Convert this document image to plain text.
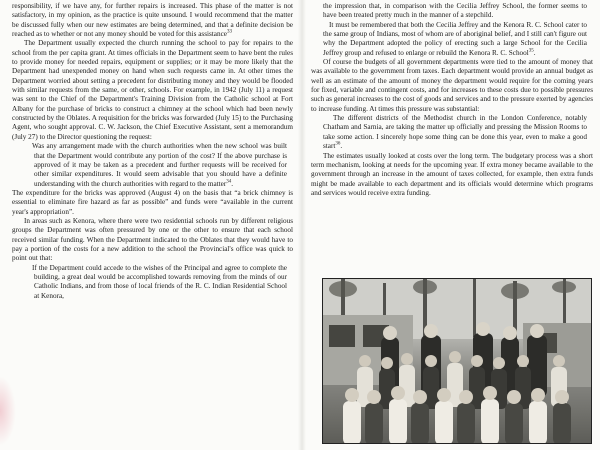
responsibility, if we have any, for further repairs is increased. This phase of the matter is not satisfactory, in my opinion, as the practice is quite unsound. I would recommend that the matter be discussed fully when our new estimates are being determined, and that a definite decision be reached as to whether or not any money should be voted for this assistance$^{33}$

The Department usually expected the church running the school to pay for repairs to the school from the per capita grant. At times officials in the Department seem to have bent the rules to provide money for needed repairs, equipment or supplies; or it may be more likely that the Department had unexpended money on hand when such requests came in. At other times the Department worried about setting a precedent for distributing money and they would be flooded with similar requests from the same, or other, schools. For example, in 1942 (July 11) a request was sent to the Chief of the Department's Training Division from the Catholic school at Fort Albany for the purchase of bricks to construct a chimney at the school which had been newly constructed by the Oblates. A requisition for the bricks was forwarded (July 15) to the Purchasing Agent, who sought approval. C. W. Jackson, the Chief Executive Assistant, sent a memorandum (July 27) to the Director questioning the request:

Was any arrangement made with the church authorities when the new school was built that the Department would contribute any portion of the cost? If the above purchase is approved of it may be taken as a precedent and further requests will be received for other similar expenditures. It would seem advisable that you should have a definite understanding with the church authorities with regard to the matter$^{34}$.

The expenditure for the bricks was approved (August 4) on the basis that “a brick chimney is essential to eliminate fire hazard as far as possible” and funds were “available in the current year's appropriation”.

In areas such as Kenora, where there were two residential schools run by different religious groups the Department was often pressured by one or the other to ensure that each school received similar funding. When the Department indicated to the Oblates that they would have to pay a portion of the costs for a new addition to the school the Provincial's office was quick to point out that:

If the Department could accede to the wishes of the Principal and agree to complete the building, a great deal would be accomplished towards removing from the minds of our Catholic Indians, and from those of local friends of the R. C. Indian Residential School at Kenora,

the impression that, in comparison with the Cecilia Jeffrey School, the former seems to have been treated pretty much in the manner of a stepchild.

It must be remembered that both the Cecilia Jeffrey and the Kenora R. C. School cater to the same group of Indians, most of whom are of aboriginal belief, and I still can't figure out why the Department adopted the policy of erecting such a large School for the Cecilia Jeffrey group and refused to enlarge or rebuild the Kenora R. C. School$^{35}$.

Of course the budgets of all government departments were tied to the amount of money that was available to the government from taxes. Each department would provide an annual budget as well as an estimate of the amount of money the department would require for the coming years for fixed, variable and contingent costs, and for increases to these costs due to possible pressures such as general increases to the cost of goods and services and to the pressure exerted by agencies to increase funding. At times this pressure was substantial:

The different districts of the Methodist church in the London Conference, notably Chatham and Sarnia, are taking the matter up officially and pressing the Mission Rooms to take some action. I sincerely hope some thing can be done this year, even to make a good start$^{36}$.

The estimates usually looked at costs over the long term. The budgetary process was a short term mechanism, looking at needs for the upcoming year. If extra money became available to the government through an increase in the amount of taxes collected, for example, then extra funds might be made available to each department and its officials would determine which programs and services would receive extra funding.
